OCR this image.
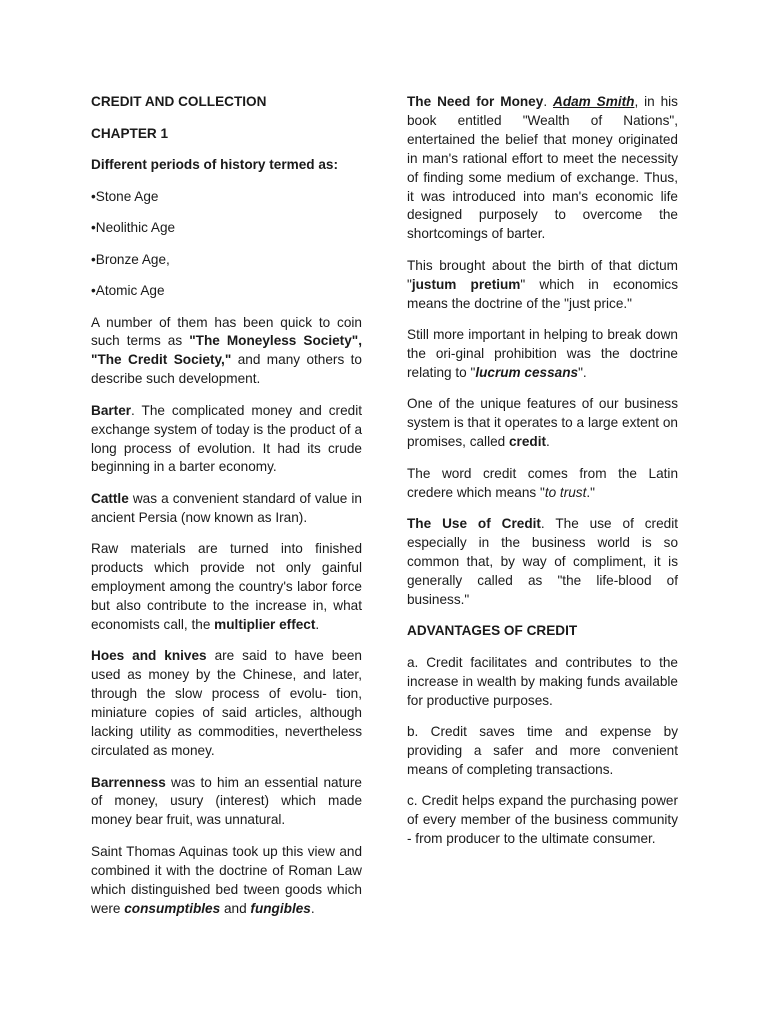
CREDIT AND COLLECTION

CHAPTER 1

Different periods of history termed as:

•Stone Age

•Neolithic Age

•Bronze Age,

•Atomic Age

A number of them has been quick to coin such terms as "The Moneyless Society", "The Credit Society," and many others to describe such development.

Barter. The complicated money and credit exchange system of today is the product of a long process of evolution. It had its crude beginning in a barter economy.

Cattle was a convenient standard of value in ancient Persia (now known as Iran).

Raw materials are turned into finished products which provide not only gainful employment among the country's labor force but also contribute to the increase in, what economists call, the multiplier effect.

Hoes and knives are said to have been used as money by the Chinese, and later, through the slow process of evolu- tion, miniature copies of said articles, although lacking utility as commodities, nevertheless circulated as money.

Barrenness was to him an essential nature of money, usury (interest) which made money bear fruit, was unnatural.

Saint Thomas Aquinas took up this view and combined it with the doctrine of Roman Law which distinguished bed tween goods which were consumptibles and fungibles.

The Need for Money. Adam Smith, in his book entitled "Wealth of Nations", entertained the belief that money originated in man's rational effort to meet the necessity of finding some medium of exchange. Thus, it was introduced into man's economic life designed purposely to overcome the shortcomings of barter.

This brought about the birth of that dictum "justum pretium" which in economics means the doctrine of the "just price."

Still more important in helping to break down the ori-ginal prohibition was the doctrine relating to "lucrum cessans".

One of the unique features of our business system is that it operates to a large extent on promises, called credit.

The word credit comes from the Latin credere which means "to trust."

The Use of Credit. The use of credit especially in the business world is so common that, by way of compliment, it is generally called as "the life-blood of business."

ADVANTAGES OF CREDIT

a. Credit facilitates and contributes to the increase in wealth by making funds available for productive purposes.

b. Credit saves time and expense by providing a safer and more convenient means of completing transactions.

c. Credit helps expand the purchasing power of every member of the business community - from producer to the ultimate consumer.
